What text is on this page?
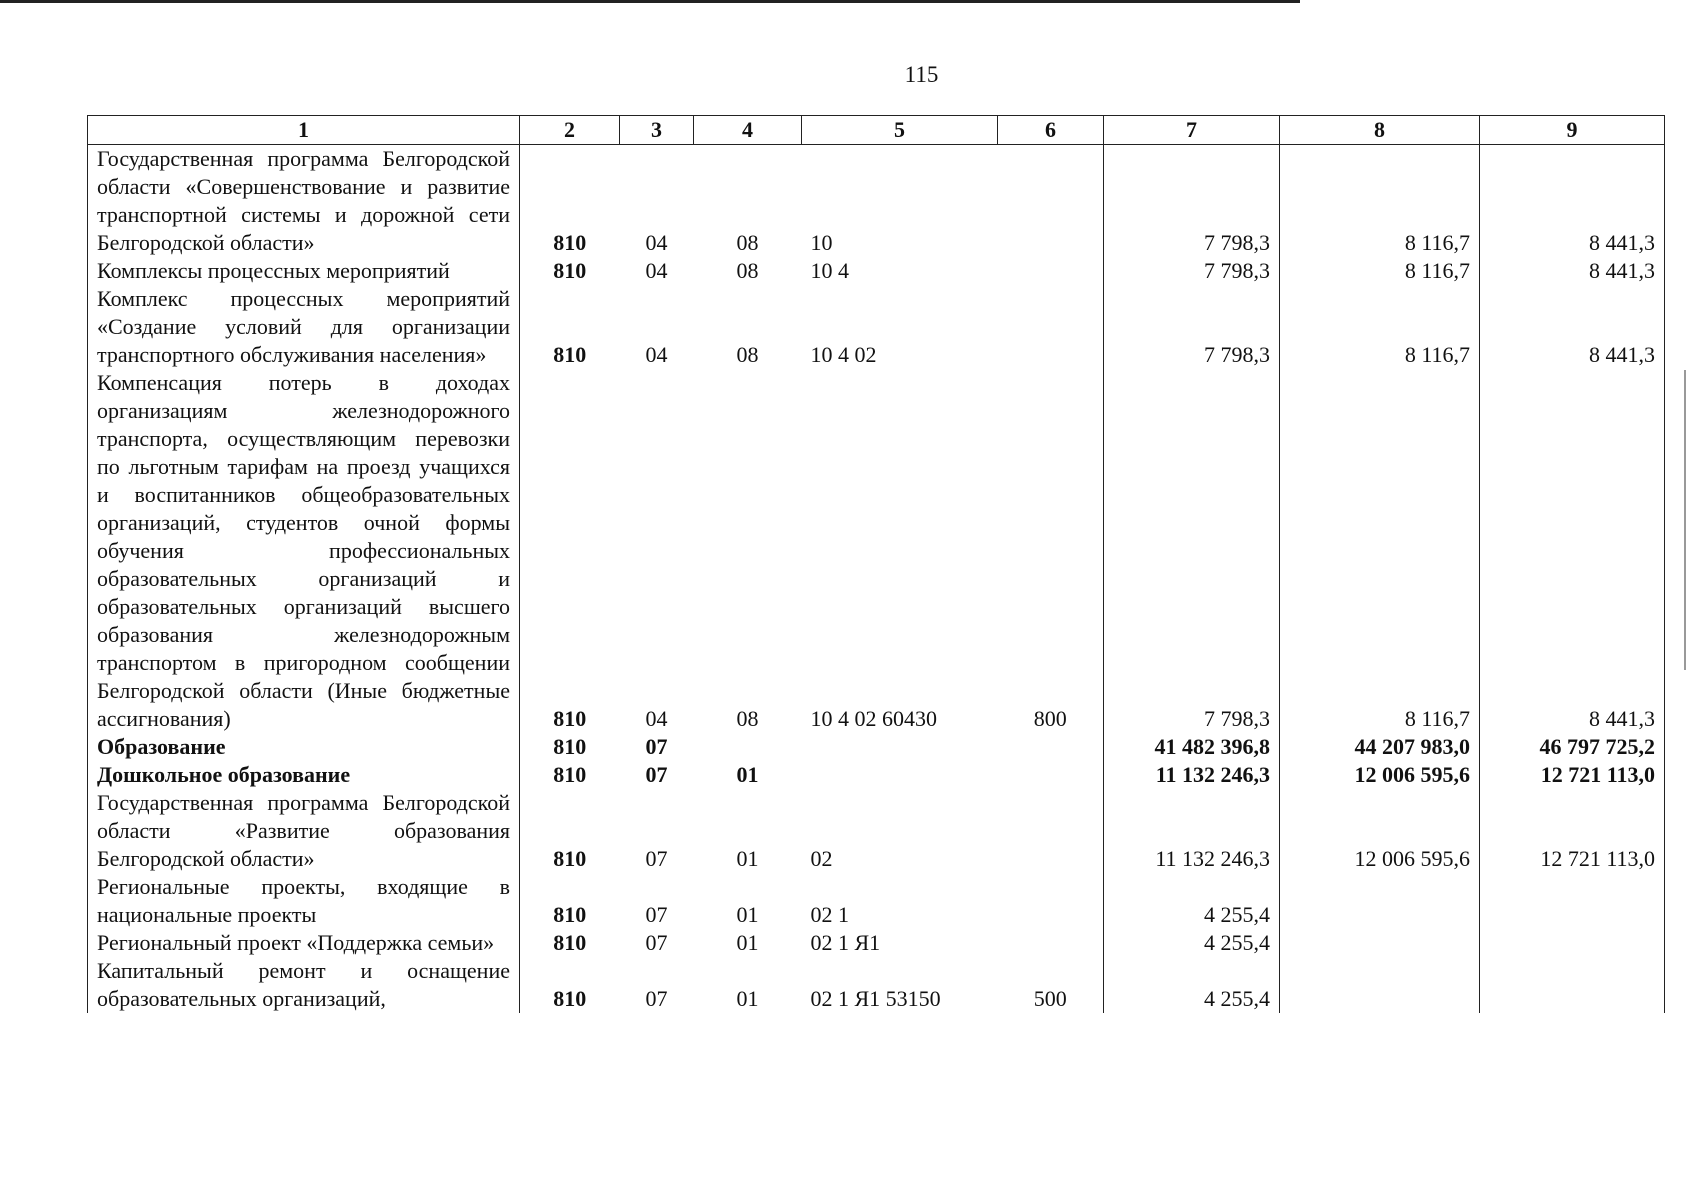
115
1	2	3	4	5	6	7	8	9
Государственная программа Белгородской области «Совершенствование и развитие транспортной системы и дорожной сети Белгородской области»	810	04	08	10		7 798,3	8 116,7	8 441,3
Комплексы процессных мероприятий	810	04	08	10 4		7 798,3	8 116,7	8 441,3
Комплекс процессных мероприятий «Создание условий для организации транспортного обслуживания населения»	810	04	08	10 4 02		7 798,3	8 116,7	8 441,3
Компенсация потерь в доходах организациям железнодорожного транспорта, осуществляющим перевозки по льготным тарифам на проезд учащихся и воспитанников общеобразовательных организаций, студентов очной формы обучения профессиональных образовательных организаций и образовательных организаций высшего образования железнодорожным транспортом в пригородном сообщении Белгородской области (Иные бюджетные ассигнования)	810	04	08	10 4 02 60430	800	7 798,3	8 116,7	8 441,3
Образование	810	07				41 482 396,8	44 207 983,0	46 797 725,2
Дошкольное образование	810	07	01			11 132 246,3	12 006 595,6	12 721 113,0
Государственная программа Белгородской области «Развитие образования Белгородской области»	810	07	01	02		11 132 246,3	12 006 595,6	12 721 113,0
Региональные проекты, входящие в национальные проекты	810	07	01	02 1		4 255,4		
Региональный проект «Поддержка семьи»	810	07	01	02 1 Я1		4 255,4		
Капитальный ремонт и оснащение образовательных организаций,	810	07	01	02 1 Я1 53150	500	4 255,4		
